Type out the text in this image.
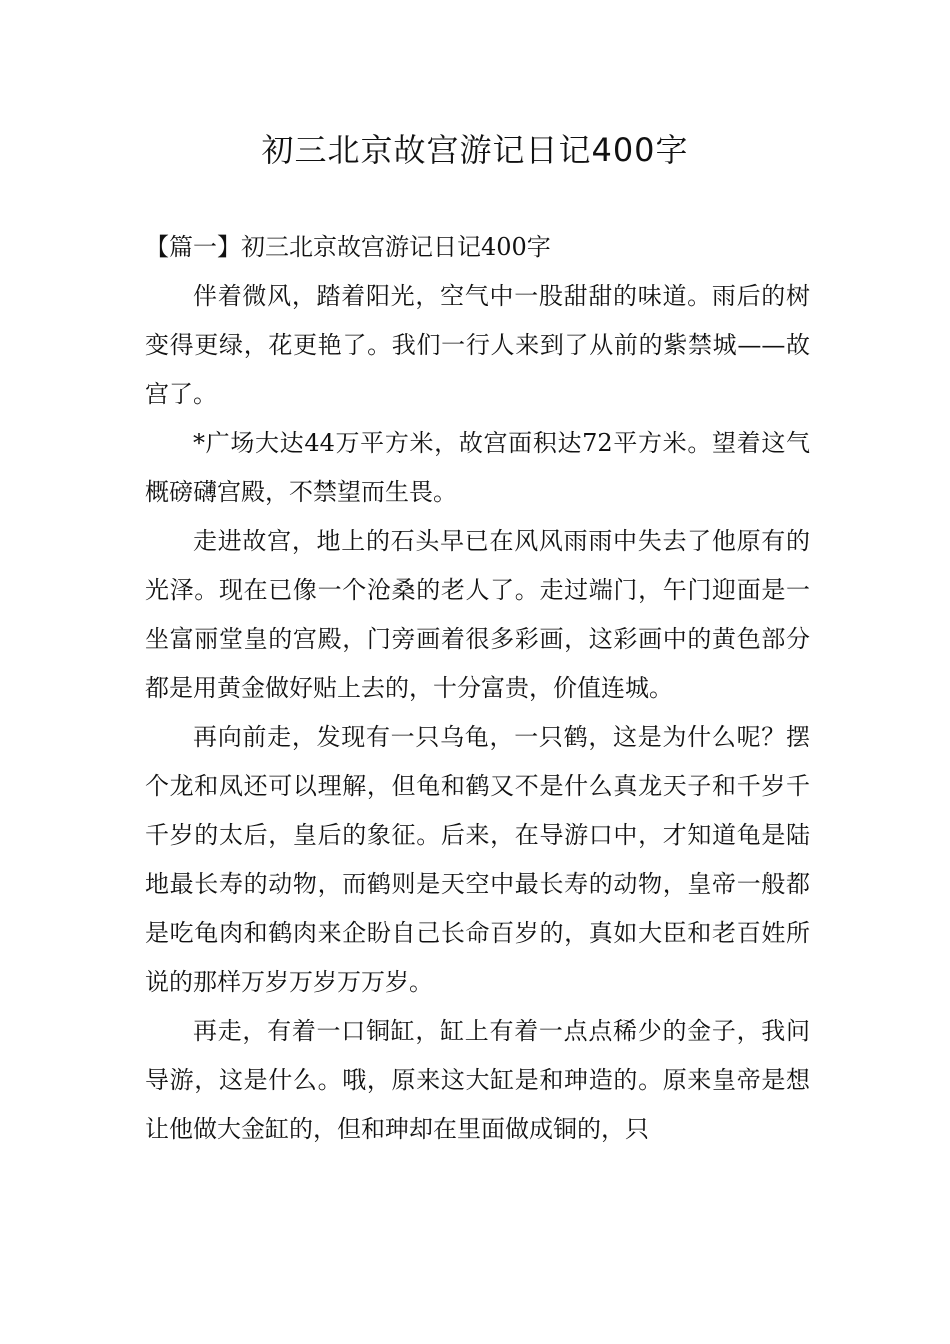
初三北京故宫游记日记400字

【篇一】初三北京故宫游记日记400字

伴着微风，踏着阳光，空气中一股甜甜的味道。雨后的树变得更绿，花更艳了。我们一行人来到了从前的紫禁城——故宫了。

*广场大达44万平方米，故宫面积达72平方米。望着这气概磅礴宫殿，不禁望而生畏。

走进故宫，地上的石头早已在风风雨雨中失去了他原有的光泽。现在已像一个沧桑的老人了。走过端门，午门迎面是一坐富丽堂皇的宫殿，门旁画着很多彩画，这彩画中的黄色部分都是用黄金做好贴上去的，十分富贵，价值连城。

再向前走，发现有一只乌龟，一只鹤，这是为什么呢？摆个龙和凤还可以理解，但龟和鹤又不是什么真龙天子和千岁千千岁的太后，皇后的象征。后来，在导游口中，才知道龟是陆地最长寿的动物，而鹤则是天空中最长寿的动物，皇帝一般都是吃龟肉和鹤肉来企盼自己长命百岁的，真如大臣和老百姓所说的那样万岁万岁万万岁。

再走，有着一口铜缸，缸上有着一点点稀少的金子，我问导游，这是什么。哦，原来这大缸是和珅造的。原来皇帝是想让他做大金缸的，但和珅却在里面做成铜的，只
